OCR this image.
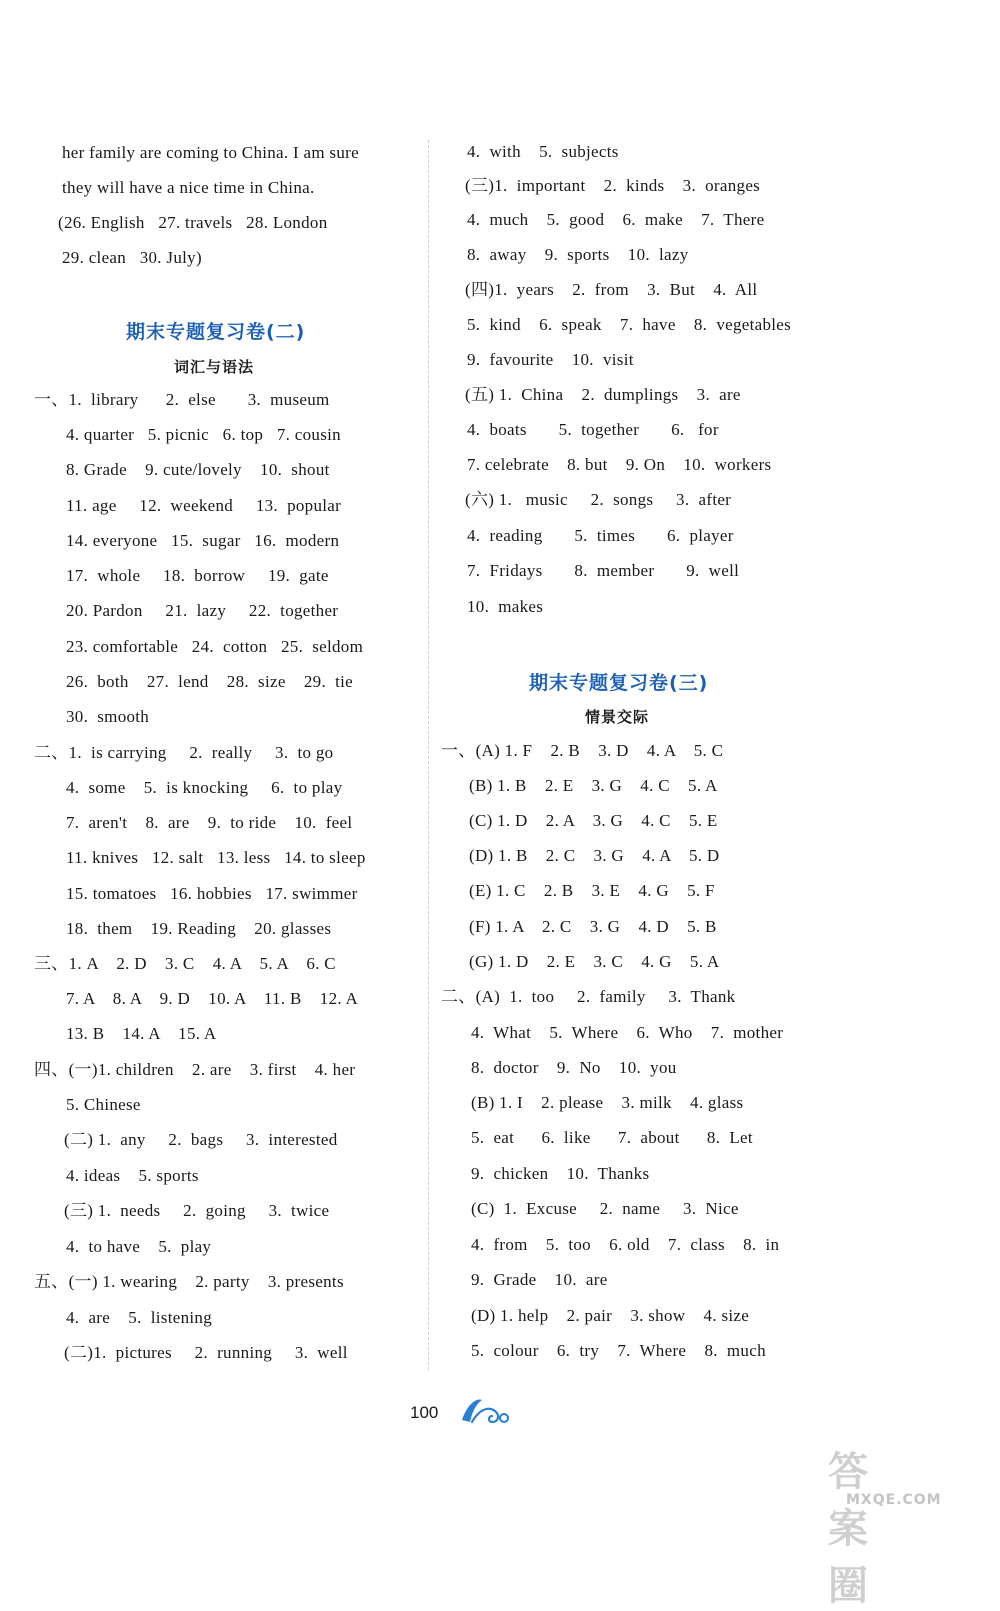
her family are coming to China. I am sure
they will have a nice time in China.
(26. English   27. travels   28. London
29. clean   30. July)
期末专题复习卷(二)
词汇与语法
一、1.  library      2.  else       3.  museum
4. quarter   5. picnic   6. top   7. cousin
8. Grade    9. cute/lovely    10.  shout
11. age     12.  weekend     13.  popular
14. everyone   15.  sugar   16.  modern
17.  whole     18.  borrow     19.  gate
20. Pardon     21.  lazy     22.  together
23. comfortable   24.  cotton   25.  seldom
26.  both    27.  lend    28.  size    29.  tie
30.  smooth
二、1.  is carrying     2.  really     3.  to go
4.  some    5.  is knocking     6.  to play
7.  aren't    8.  are    9.  to ride    10.  feel
11. knives   12. salt   13. less   14. to sleep
15. tomatoes   16. hobbies   17. swimmer
18.  them    19. Reading    20. glasses
三、1. A    2. D    3. C    4. A    5. A    6. C
7. A    8. A    9. D    10. A    11. B    12. A
13. B    14. A    15. A
四、(一)1. children    2. are    3. first    4. her
5. Chinese
(二) 1.  any     2.  bags     3.  interested
4. ideas    5. sports
(三) 1.  needs     2.  going     3.  twice
4.  to have    5.  play
五、(一) 1. wearing    2. party    3. presents
4.  are    5.  listening
(二)1.  pictures     2.  running     3.  well
4.  with    5.  subjects
(三)1.  important    2.  kinds    3.  oranges
4.  much    5.  good    6.  make    7.  There
8.  away    9.  sports    10.  lazy
(四)1.  years    2.  from    3.  But    4.  All
5.  kind    6.  speak    7.  have    8.  vegetables
9.  favourite    10.  visit
(五) 1.  China    2.  dumplings    3.  are
4.  boats       5.  together       6.   for
7. celebrate    8. but    9. On    10.  workers
(六) 1.   music     2.  songs     3.  after
4.  reading       5.  times       6.  player
7.  Fridays       8.  member       9.  well
10.  makes
期末专题复习卷(三)
情景交际
一、(A) 1. F    2. B    3. D    4. A    5. C
(B) 1. B    2. E    3. G    4. C    5. A
(C) 1. D    2. A    3. G    4. C    5. E
(D) 1. B    2. C    3. G    4. A    5. D
(E) 1. C    2. B    3. E    4. G    5. F
(F) 1. A    2. C    3. G    4. D    5. B
(G) 1. D    2. E    3. C    4. G    5. A
二、(A)  1.  too     2.  family     3.  Thank
4.  What    5.  Where    6.  Who    7.  mother
8.  doctor    9.  No    10.  you
(B) 1. I    2. please    3. milk    4. glass
5.  eat      6.  like      7.  about      8.  Let
9.  chicken    10.  Thanks
(C)  1.  Excuse     2.  name     3.  Nice
4.  from    5.  too    6. old    7.  class    8.  in
9.  Grade    10.  are
(D) 1. help    2. pair    3. show    4. size
5.  colour    6.  try    7.  Where    8.  much
100
答案圈
MXQE.COM
